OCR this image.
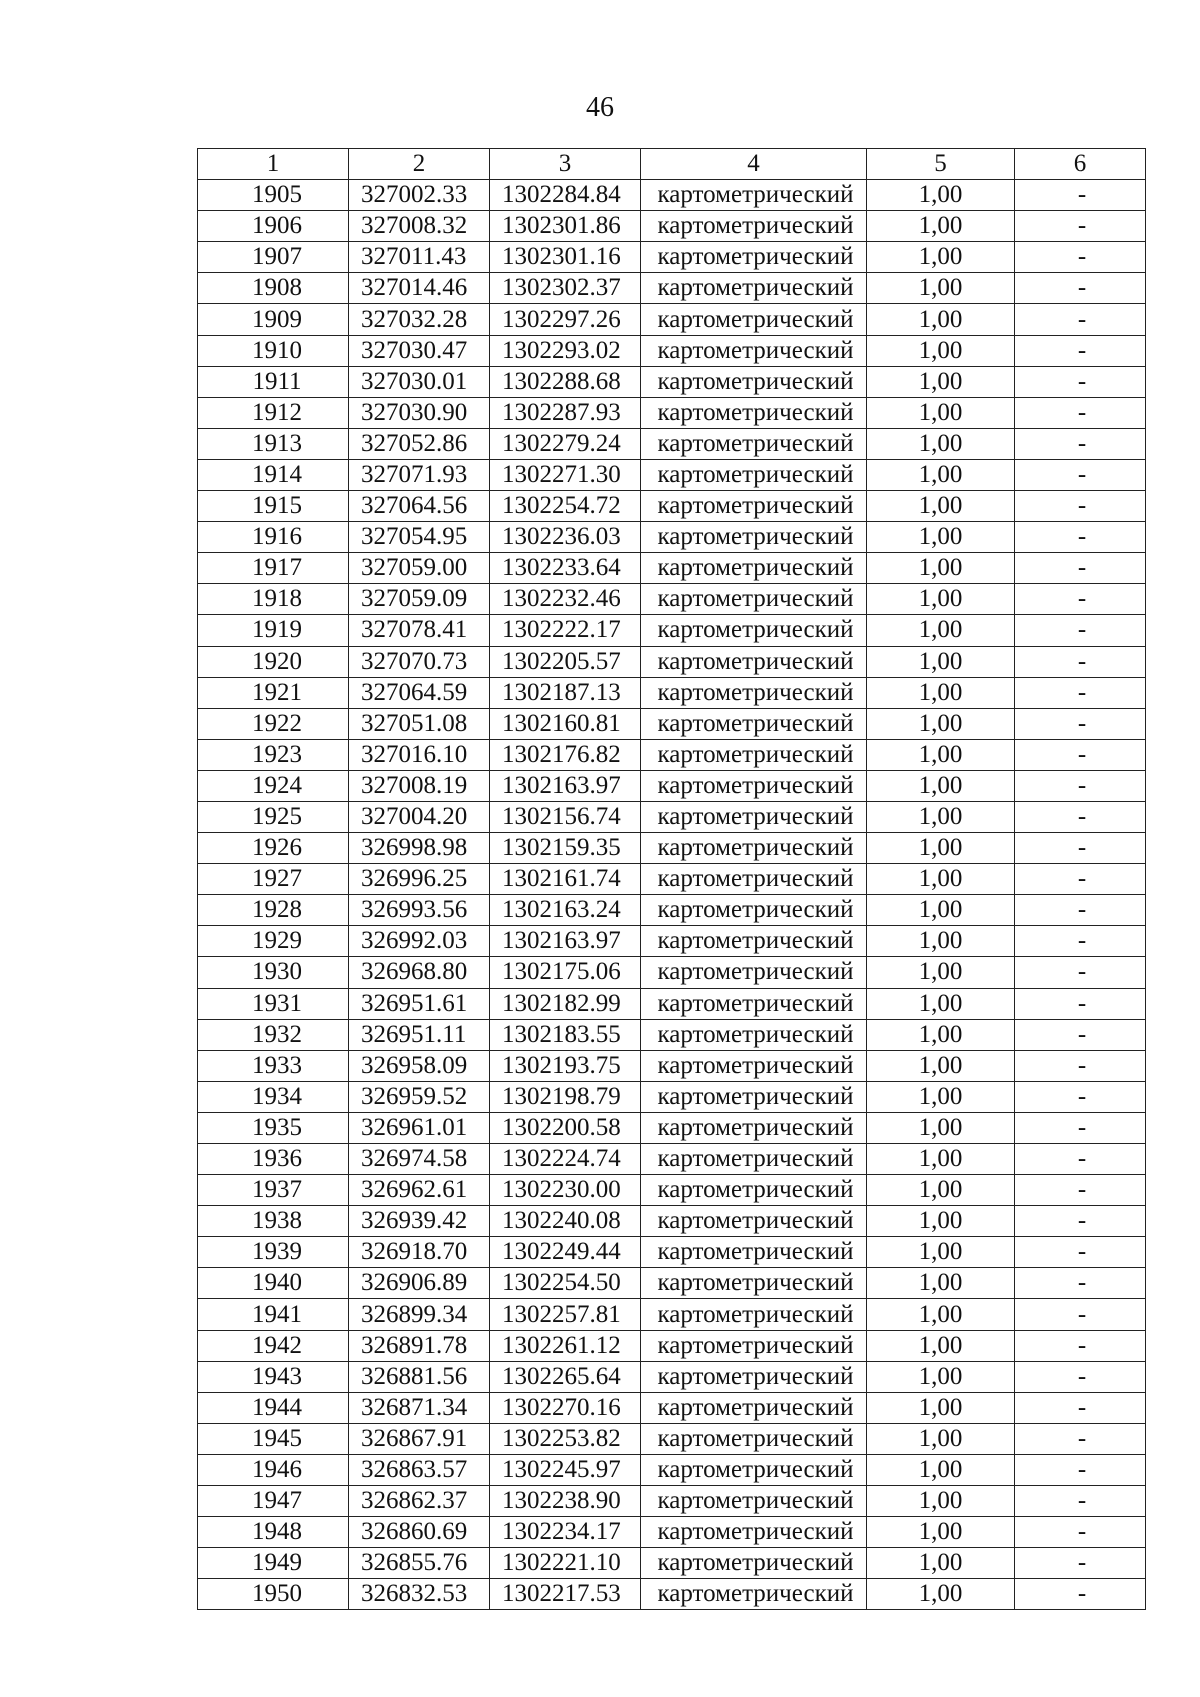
46
1	2	3	4	5	6
1905	327002.33	1302284.84	картометрический	1,00	-
1906	327008.32	1302301.86	картометрический	1,00	-
1907	327011.43	1302301.16	картометрический	1,00	-
1908	327014.46	1302302.37	картометрический	1,00	-
1909	327032.28	1302297.26	картометрический	1,00	-
1910	327030.47	1302293.02	картометрический	1,00	-
1911	327030.01	1302288.68	картометрический	1,00	-
1912	327030.90	1302287.93	картометрический	1,00	-
1913	327052.86	1302279.24	картометрический	1,00	-
1914	327071.93	1302271.30	картометрический	1,00	-
1915	327064.56	1302254.72	картометрический	1,00	-
1916	327054.95	1302236.03	картометрический	1,00	-
1917	327059.00	1302233.64	картометрический	1,00	-
1918	327059.09	1302232.46	картометрический	1,00	-
1919	327078.41	1302222.17	картометрический	1,00	-
1920	327070.73	1302205.57	картометрический	1,00	-
1921	327064.59	1302187.13	картометрический	1,00	-
1922	327051.08	1302160.81	картометрический	1,00	-
1923	327016.10	1302176.82	картометрический	1,00	-
1924	327008.19	1302163.97	картометрический	1,00	-
1925	327004.20	1302156.74	картометрический	1,00	-
1926	326998.98	1302159.35	картометрический	1,00	-
1927	326996.25	1302161.74	картометрический	1,00	-
1928	326993.56	1302163.24	картометрический	1,00	-
1929	326992.03	1302163.97	картометрический	1,00	-
1930	326968.80	1302175.06	картометрический	1,00	-
1931	326951.61	1302182.99	картометрический	1,00	-
1932	326951.11	1302183.55	картометрический	1,00	-
1933	326958.09	1302193.75	картометрический	1,00	-
1934	326959.52	1302198.79	картометрический	1,00	-
1935	326961.01	1302200.58	картометрический	1,00	-
1936	326974.58	1302224.74	картометрический	1,00	-
1937	326962.61	1302230.00	картометрический	1,00	-
1938	326939.42	1302240.08	картометрический	1,00	-
1939	326918.70	1302249.44	картометрический	1,00	-
1940	326906.89	1302254.50	картометрический	1,00	-
1941	326899.34	1302257.81	картометрический	1,00	-
1942	326891.78	1302261.12	картометрический	1,00	-
1943	326881.56	1302265.64	картометрический	1,00	-
1944	326871.34	1302270.16	картометрический	1,00	-
1945	326867.91	1302253.82	картометрический	1,00	-
1946	326863.57	1302245.97	картометрический	1,00	-
1947	326862.37	1302238.90	картометрический	1,00	-
1948	326860.69	1302234.17	картометрический	1,00	-
1949	326855.76	1302221.10	картометрический	1,00	-
1950	326832.53	1302217.53	картометрический	1,00	-
